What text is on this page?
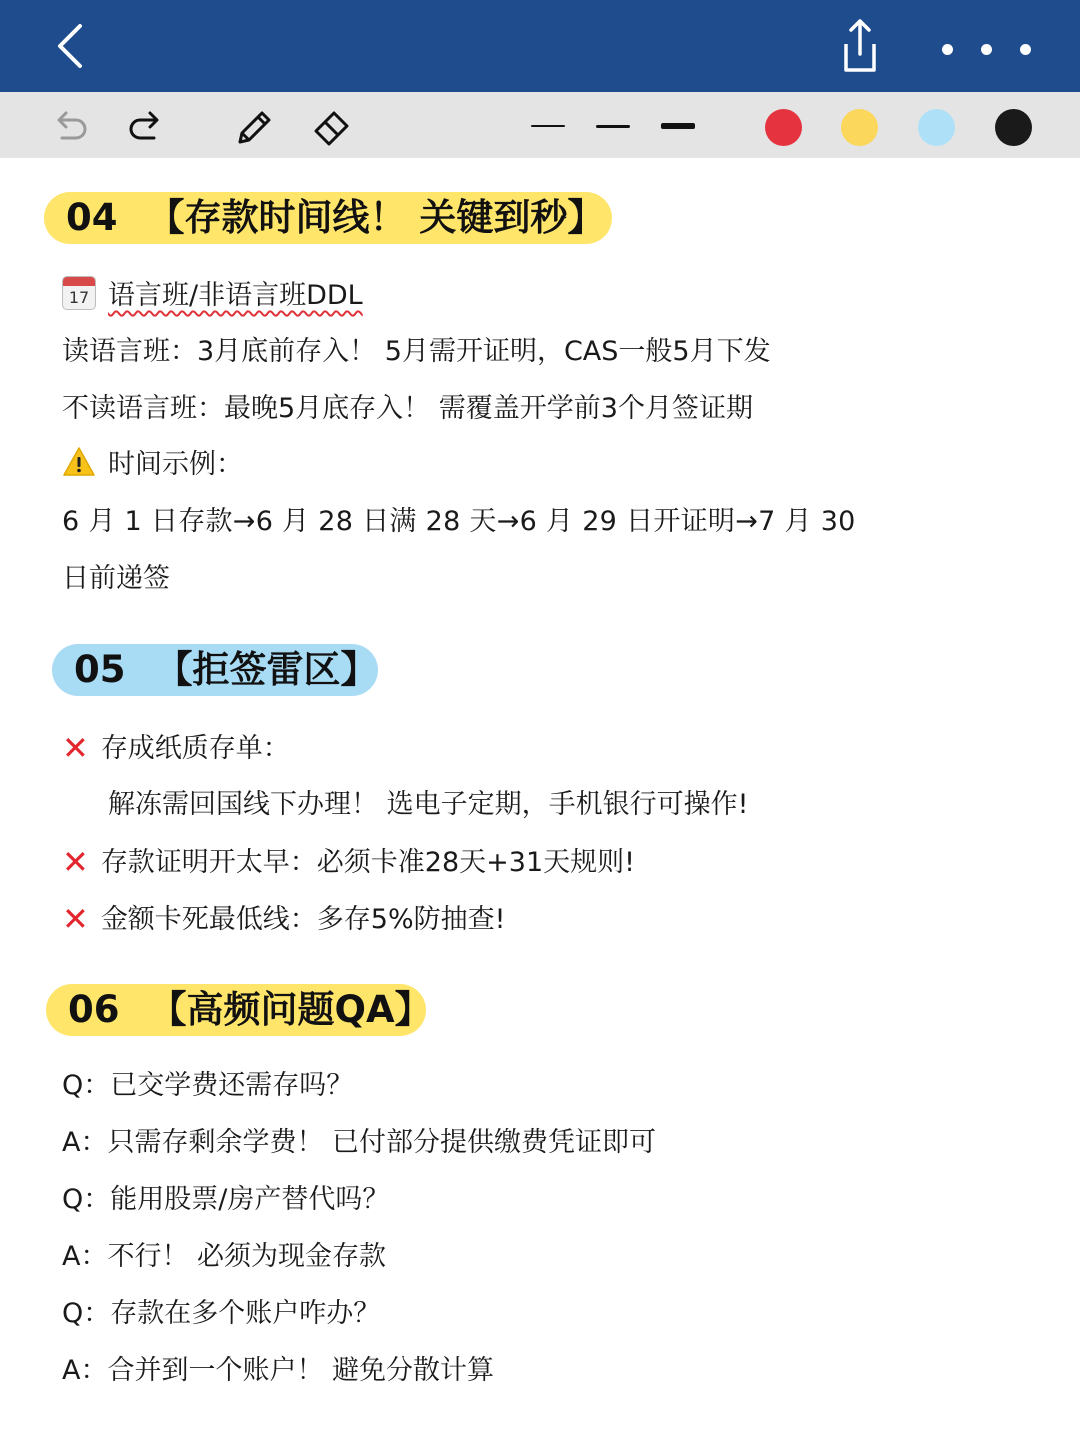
04 【存款时间线！ 关键到秒】
17 语言班/非语言班DDL
读语言班：3月底前存入！ 5月需开证明，CAS一般5月下发
不读语言班：最晚5月底存入！ 需覆盖开学前3个月签证期
时间示例：
6 月 1 日存款→6 月 28 日满 28 天→6 月 29 日开证明→7 月 30
日前递签
05 【拒签雷区】
✕ 存成纸质存单：
解冻需回国线下办理！ 选电子定期，手机银行可操作!
✕ 存款证明开太早：必须卡准28天+31天规则!
✕ 金额卡死最低线：多存5%防抽查!
06 【高频问题QA】
Q：已交学费还需存吗？
A：只需存剩余学费！ 已付部分提供缴费凭证即可
Q：能用股票/房产替代吗？
A：不行！ 必须为现金存款
Q：存款在多个账户咋办？
A：合并到一个账户！ 避免分散计算
